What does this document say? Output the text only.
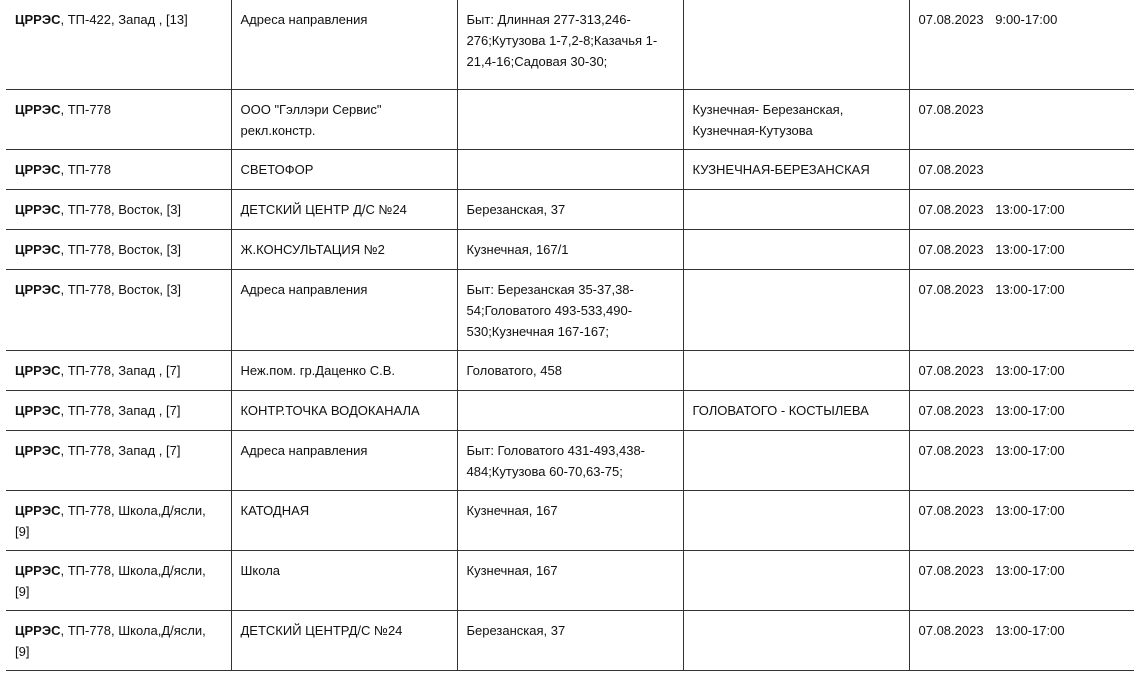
ЦРРЭС, ТП-422, Запад , [13]	Адреса направления	Быт: Длинная 277-313,246-276;Кутузова 1-7,2-8;Казачья 1-21,4-16;Садовая 30-30;		07.08.2023 9:00-17:00
ЦРРЭС, ТП-778	ООО "Гэллэри Сервис" рекл.констр.		Кузнечная- Березанская, Кузнечная-Кутузова	07.08.2023
ЦРРЭС, ТП-778	СВЕТОФОР		КУЗНЕЧНАЯ-БЕРЕЗАНСКАЯ	07.08.2023
ЦРРЭС, ТП-778, Восток, [3]	ДЕТСКИЙ ЦЕНТР Д/С №24	Березанская, 37		07.08.2023 13:00-17:00
ЦРРЭС, ТП-778, Восток, [3]	Ж.КОНСУЛЬТАЦИЯ №2	Кузнечная, 167/1		07.08.2023 13:00-17:00
ЦРРЭС, ТП-778, Восток, [3]	Адреса направления	Быт: Березанская 35-37,38-54;Головатого 493-533,490-530;Кузнечная 167-167;		07.08.2023 13:00-17:00
ЦРРЭС, ТП-778, Запад , [7]	Неж.пом. гр.Даценко С.В.	Головатого, 458		07.08.2023 13:00-17:00
ЦРРЭС, ТП-778, Запад , [7]	КОНТР.ТОЧКА ВОДОКАНАЛА		ГОЛОВАТОГО - КОСТЫЛЕВА	07.08.2023 13:00-17:00
ЦРРЭС, ТП-778, Запад , [7]	Адреса направления	Быт: Головатого 431-493,438-484;Кутузова 60-70,63-75;		07.08.2023 13:00-17:00
ЦРРЭС, ТП-778, Школа,Д/ясли, [9]	КАТОДНАЯ	Кузнечная, 167		07.08.2023 13:00-17:00
ЦРРЭС, ТП-778, Школа,Д/ясли, [9]	Школа	Кузнечная, 167		07.08.2023 13:00-17:00
ЦРРЭС, ТП-778, Школа,Д/ясли, [9]	ДЕТСКИЙ ЦЕНТРД/С №24	Березанская, 37		07.08.2023 13:00-17:00
